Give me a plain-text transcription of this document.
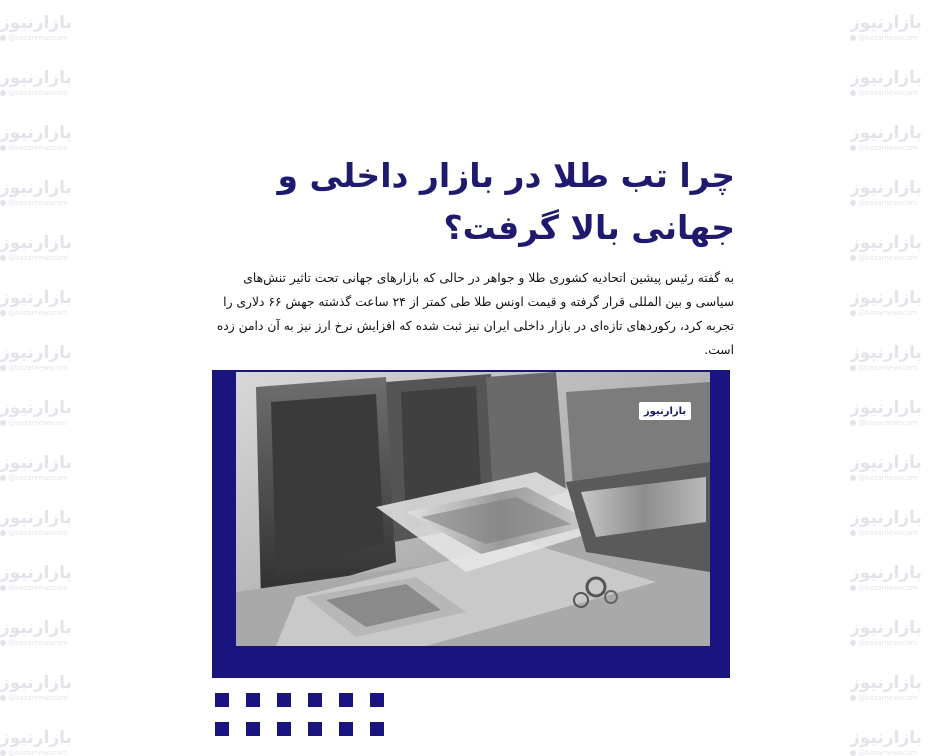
بازارنیوز
@bazarnewscom
بازارنیوز
@bazarnewscom
بازارنیوز
@bazarnewscom
بازارنیوز
@bazarnewscom
بازارنیوز
@bazarnewscom
بازارنیوز
@bazarnewscom
بازارنیوز
@bazarnewscom
بازارنیوز
@bazarnewscom
بازارنیوز
@bazarnewscom
بازارنیوز
@bazarnewscom
بازارنیوز
@bazarnewscom
بازارنیوز
@bazarnewscom
بازارنیوز
@bazarnewscom
بازارنیوز
@bazarnewscom
بازارنیوز
@bazarnewscom
بازارنیوز
@bazarnewscom
بازارنیوز
@bazarnewscom
بازارنیوز
@bazarnewscom
بازارنیوز
@bazarnewscom
بازارنیوز
@bazarnewscom
بازارنیوز
@bazarnewscom
بازارنیوز
@bazarnewscom
بازارنیوز
@bazarnewscom
بازارنیوز
@bazarnewscom
بازارنیوز
@bazarnewscom
بازارنیوز
@bazarnewscom
بازارنیوز
@bazarnewscom
بازارنیوز
@bazarnewscom
چرا تب طلا در بازار داخلی و جهانی بالا گرفت؟

به گفته رئیس پیشین اتحادیه کشوری طلا و جواهر در حالی که بازارهای جهانی تحت تاثیر تنش‌های سیاسی و بین المللی قرار گرفته و قیمت اونس طلا طی کمتر از ۲۴ ساعت گذشته جهش ۶۶ دلاری را تجربه کرد، رکوردهای تازه‌ای در بازار داخلی ایران نیز ثبت شده که افزایش نرخ ارز نیز به آن دامن زده است.

بازارنیوز
